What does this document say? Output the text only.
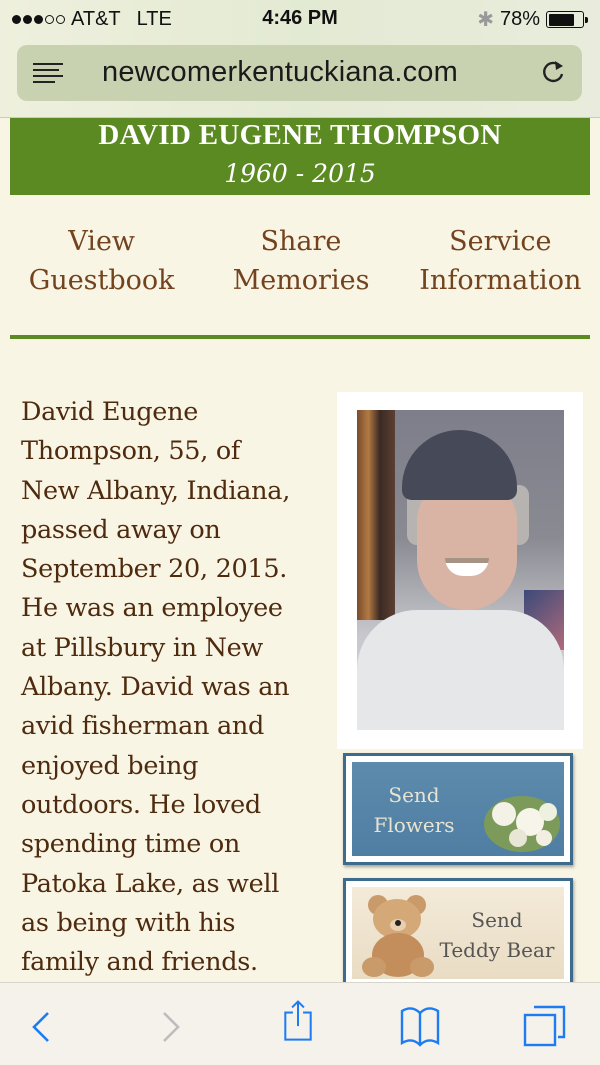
AT&T LTE	4:46 PM	✱ 78%
newcomerkentuckiana.com
DAVID EUGENE THOMPSON
1960 - 2015
View
Guestbook
Share
Memories
Service
Information
David Eugene
Thompson, 55, of
New Albany, Indiana,
passed away on
September 20, 2015.
He was an employee
at Pillsbury in New
Albany. David was an
avid fisherman and
enjoyed being
outdoors. He loved
spending time on
Patoka Lake, as well
as being with his
family and friends.
Send
Flowers
Send
Teddy Bear
